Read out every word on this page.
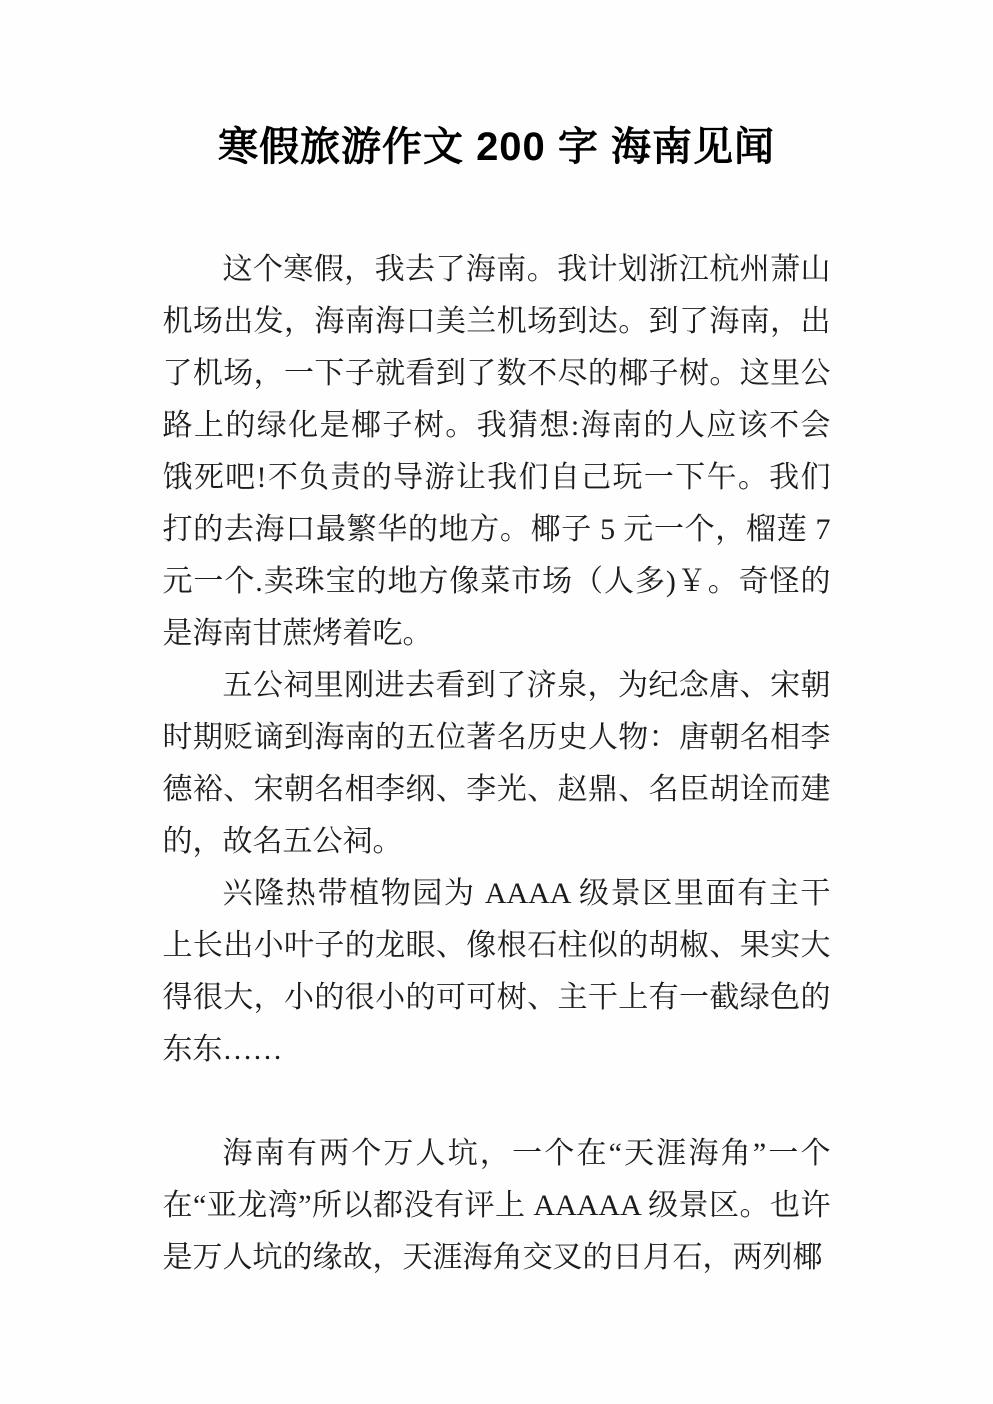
寒假旅游作文 200 字 海南见闻

这个寒假，我去了海南。我计划浙江杭州萧山机场出发，海南海口美兰机场到达。到了海南，出了机场，一下子就看到了数不尽的椰子树。这里公路上的绿化是椰子树。我猜想:海南的人应该不会饿死吧!不负责的导游让我们自己玩一下午。我们打的去海口最繁华的地方。椰子 5 元一个，榴莲 7 元一个.卖珠宝的地方像菜市场（人多)￥。奇怪的是海南甘蔗烤着吃。

五公祠里刚进去看到了济泉，为纪念唐、宋朝时期贬谪到海南的五位著名历史人物：唐朝名相李德裕、宋朝名相李纲、李光、赵鼎、名臣胡诠而建的，故名五公祠。

兴隆热带植物园为 AAAA 级景区里面有主干上长出小叶子的龙眼、像根石柱似的胡椒、果实大得很大，小的很小的可可树、主干上有一截绿色的东东……

海南有两个万人坑，一个在“天涯海角”一个在“亚龙湾”所以都没有评上 AAAAA 级景区。也许是万人坑的缘故，天涯海角交叉的日月石，两列椰
